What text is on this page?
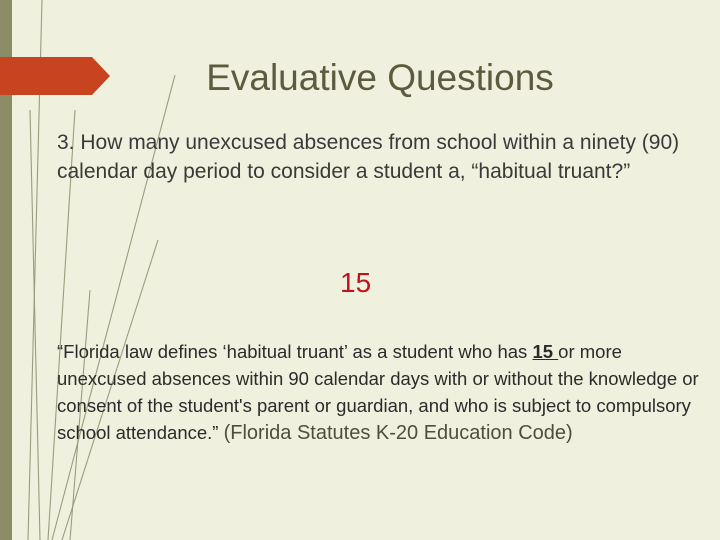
Evaluative Questions
3. How many unexcused absences from school within a ninety (90) calendar day period to consider a student a, “habitual truant?”
15
“Florida law defines ‘habitual truant’ as a student who has 15 or more unexcused absences within 90 calendar days with or without the knowledge or consent of the student's parent or guardian, and who is subject to compulsory school attendance.” (Florida Statutes K-20 Education Code)
